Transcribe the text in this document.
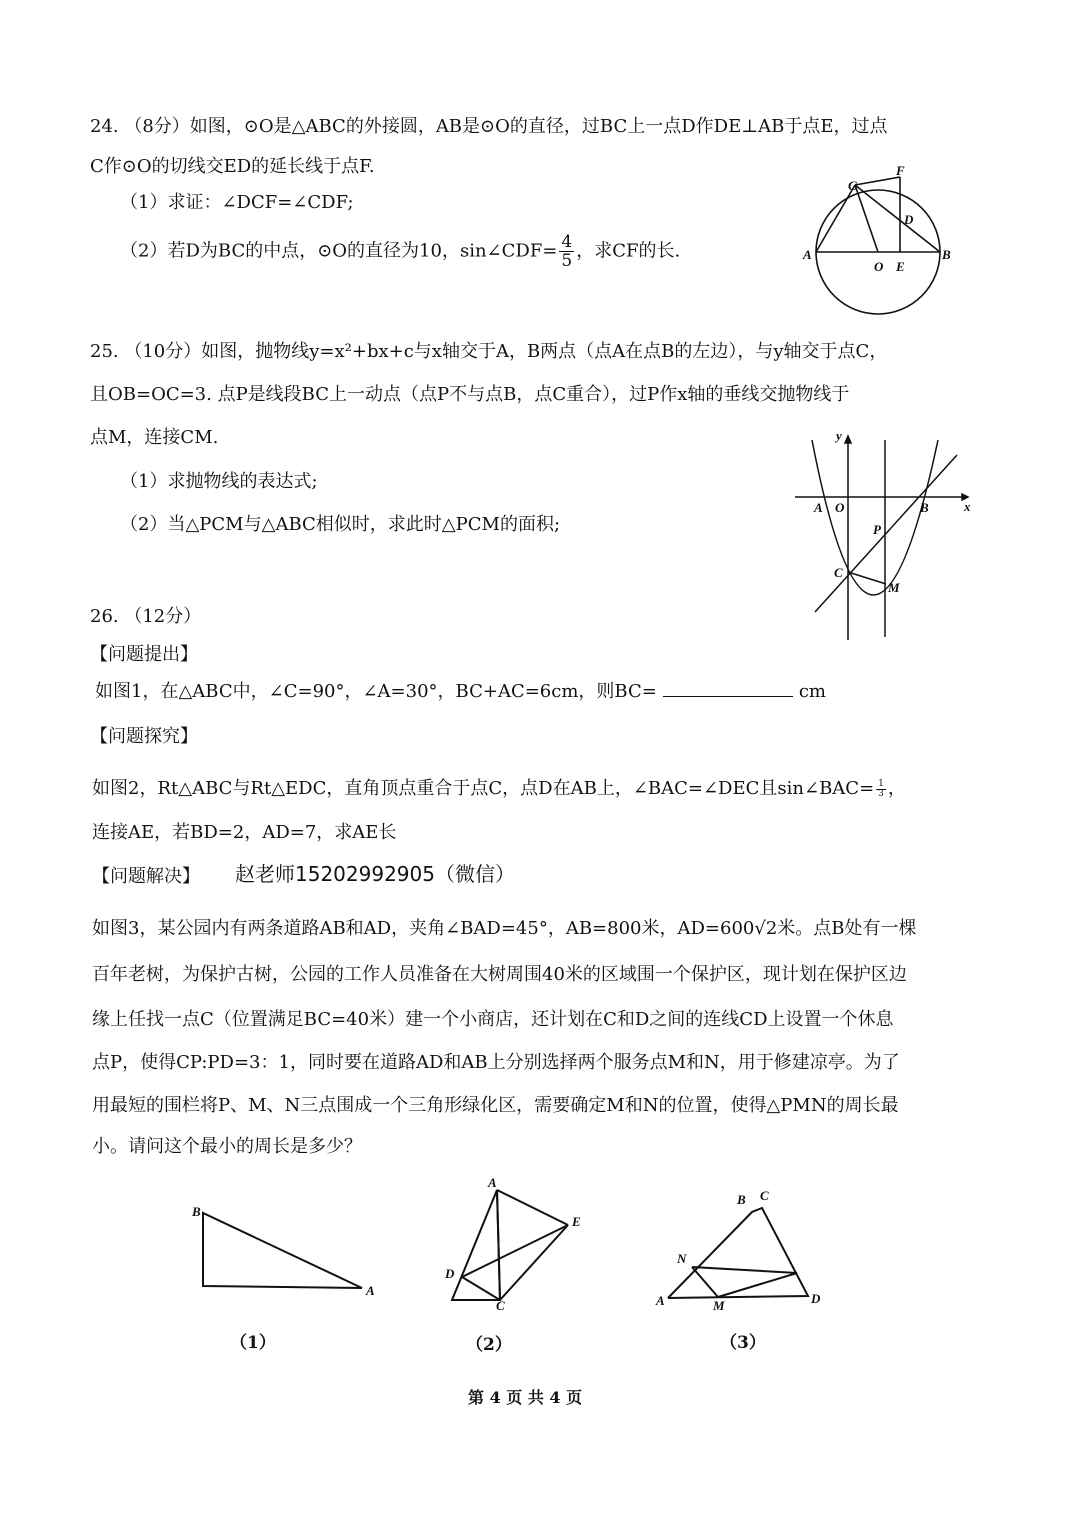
24. （8分）如图，⊙O是△ABC的外接圆，AB是⊙O的直径，过BC上一点D作DE⊥AB于点E，过点
C作⊙O的切线交ED的延长线于点F.
（1）求证：∠DCF=∠CDF;
（2）若D为BC的中点，⊙O的直径为10，sin∠CDF= $\frac{4}{5}$ ，求CF的长.
C
F
D
A	B
O E
25. （10分）如图，抛物线y=x²+bx+c与x轴交于A，B两点（点A在点B的左边），与y轴交于点C，
且OB=OC=3. 点P是线段BC上一动点（点P不与点B，点C重合），过P作x轴的垂线交抛物线于
点M，连接CM.
（1）求抛物线的表达式;
（2）当△PCM与△ABC相似时，求此时△PCM的面积;
y
x
A O	B
P
C
M
26. （12分）
【问题提出】
如图1，在△ABC中，∠C=90°，∠A=30°，BC+AC=6cm，则BC=	cm
【问题探究】
如图2，Rt△ABC与Rt△EDC，直角顶点重合于点C，点D在AB上，∠BAC=∠DEC且sin∠BAC= $\frac{1}{3}$ ，
连接AE，若BD=2，AD=7，求AE长
【问题解决】 赵老师15202992905（微信）
如图3，某公园内有两条道路AB和AD，夹角∠BAD=45°，AB=800米，AD=600√2米。点B处有一棵
百年老树，为保护古树，公园的工作人员准备在大树周围40米的区域围一个保护区，现计划在保护区边
缘上任找一点C（位置满足BC=40米）建一个小商店，还计划在C和D之间的连线CD上设置一个休息
点P，使得CP:PD=3：1，同时要在道路AD和AB上分别选择两个服务点M和N，用于修建凉亭。为了
用最短的围栏将P、M、N三点围成一个三角形绿化区，需要确定M和N的位置，使得△PMN的周长最
小。请问这个最小的周长是多少？
B
A
A
E
D
C
B C
N
A	M	D
（1）	（2）	（3）
第 4 页 共 4 页
